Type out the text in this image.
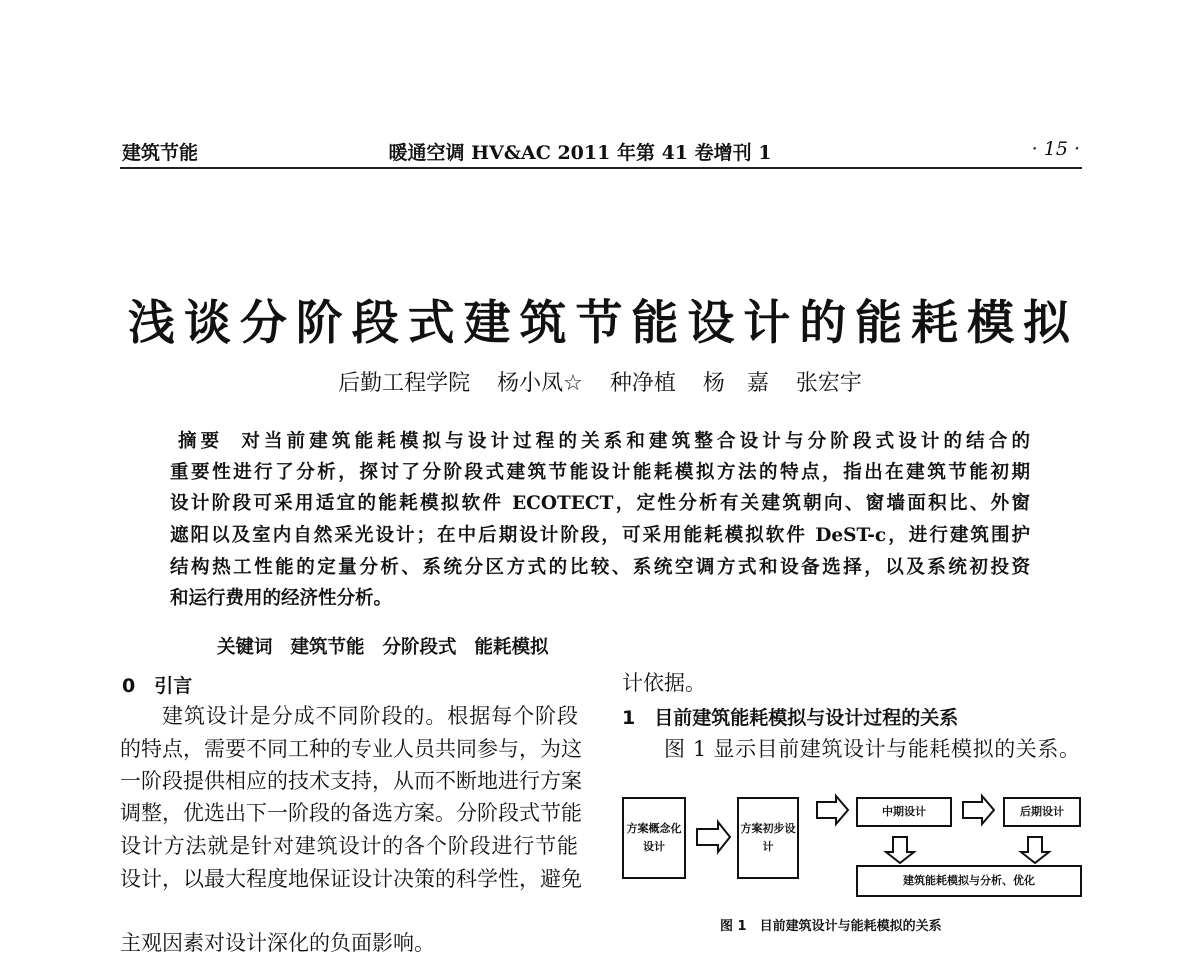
建筑节能	暖通空调 HV&AC 2011 年第 41 卷增刊 1	· 15 ·
浅谈分阶段式建筑节能设计的能耗模拟
后勤工程学院 杨小凤☆ 种净植 杨　嘉 张宏宇
摘要 对当前建筑能耗模拟与设计过程的关系和建筑整合设计与分阶段式设计的结合的
重要性进行了分析，探讨了分阶段式建筑节能设计能耗模拟方法的特点，指出在建筑节能初期
设计阶段可采用适宜的能耗模拟软件 ECOTECT，定性分析有关建筑朝向、窗墙面积比、外窗
遮阳以及室内自然采光设计；在中后期设计阶段，可采用能耗模拟软件 DeST-c，进行建筑围护
结构热工性能的定量分析、系统分区方式的比较、系统空调方式和设备选择，以及系统初投资
和运行费用的经济性分析。
关键词 建筑节能 分阶段式 能耗模拟
0　引言
建筑设计是分成不同阶段的。根据每个阶段
的特点，需要不同工种的专业人员共同参与，为这
一阶段提供相应的技术支持，从而不断地进行方案
调整，优选出下一阶段的备选方案。分阶段式节能
设计方法就是针对建筑设计的各个阶段进行节能
设计，以最大程度地保证设计决策的科学性，避免
主观因素对设计深化的负面影响。
计依据。
1　目前建筑能耗模拟与设计过程的关系
图 1 显示目前建筑设计与能耗模拟的关系。
方案概念化设计
方案初步设计
中期设计	后期设计
建筑能耗模拟与分析、优化
图 1　目前建筑设计与能耗模拟的关系
